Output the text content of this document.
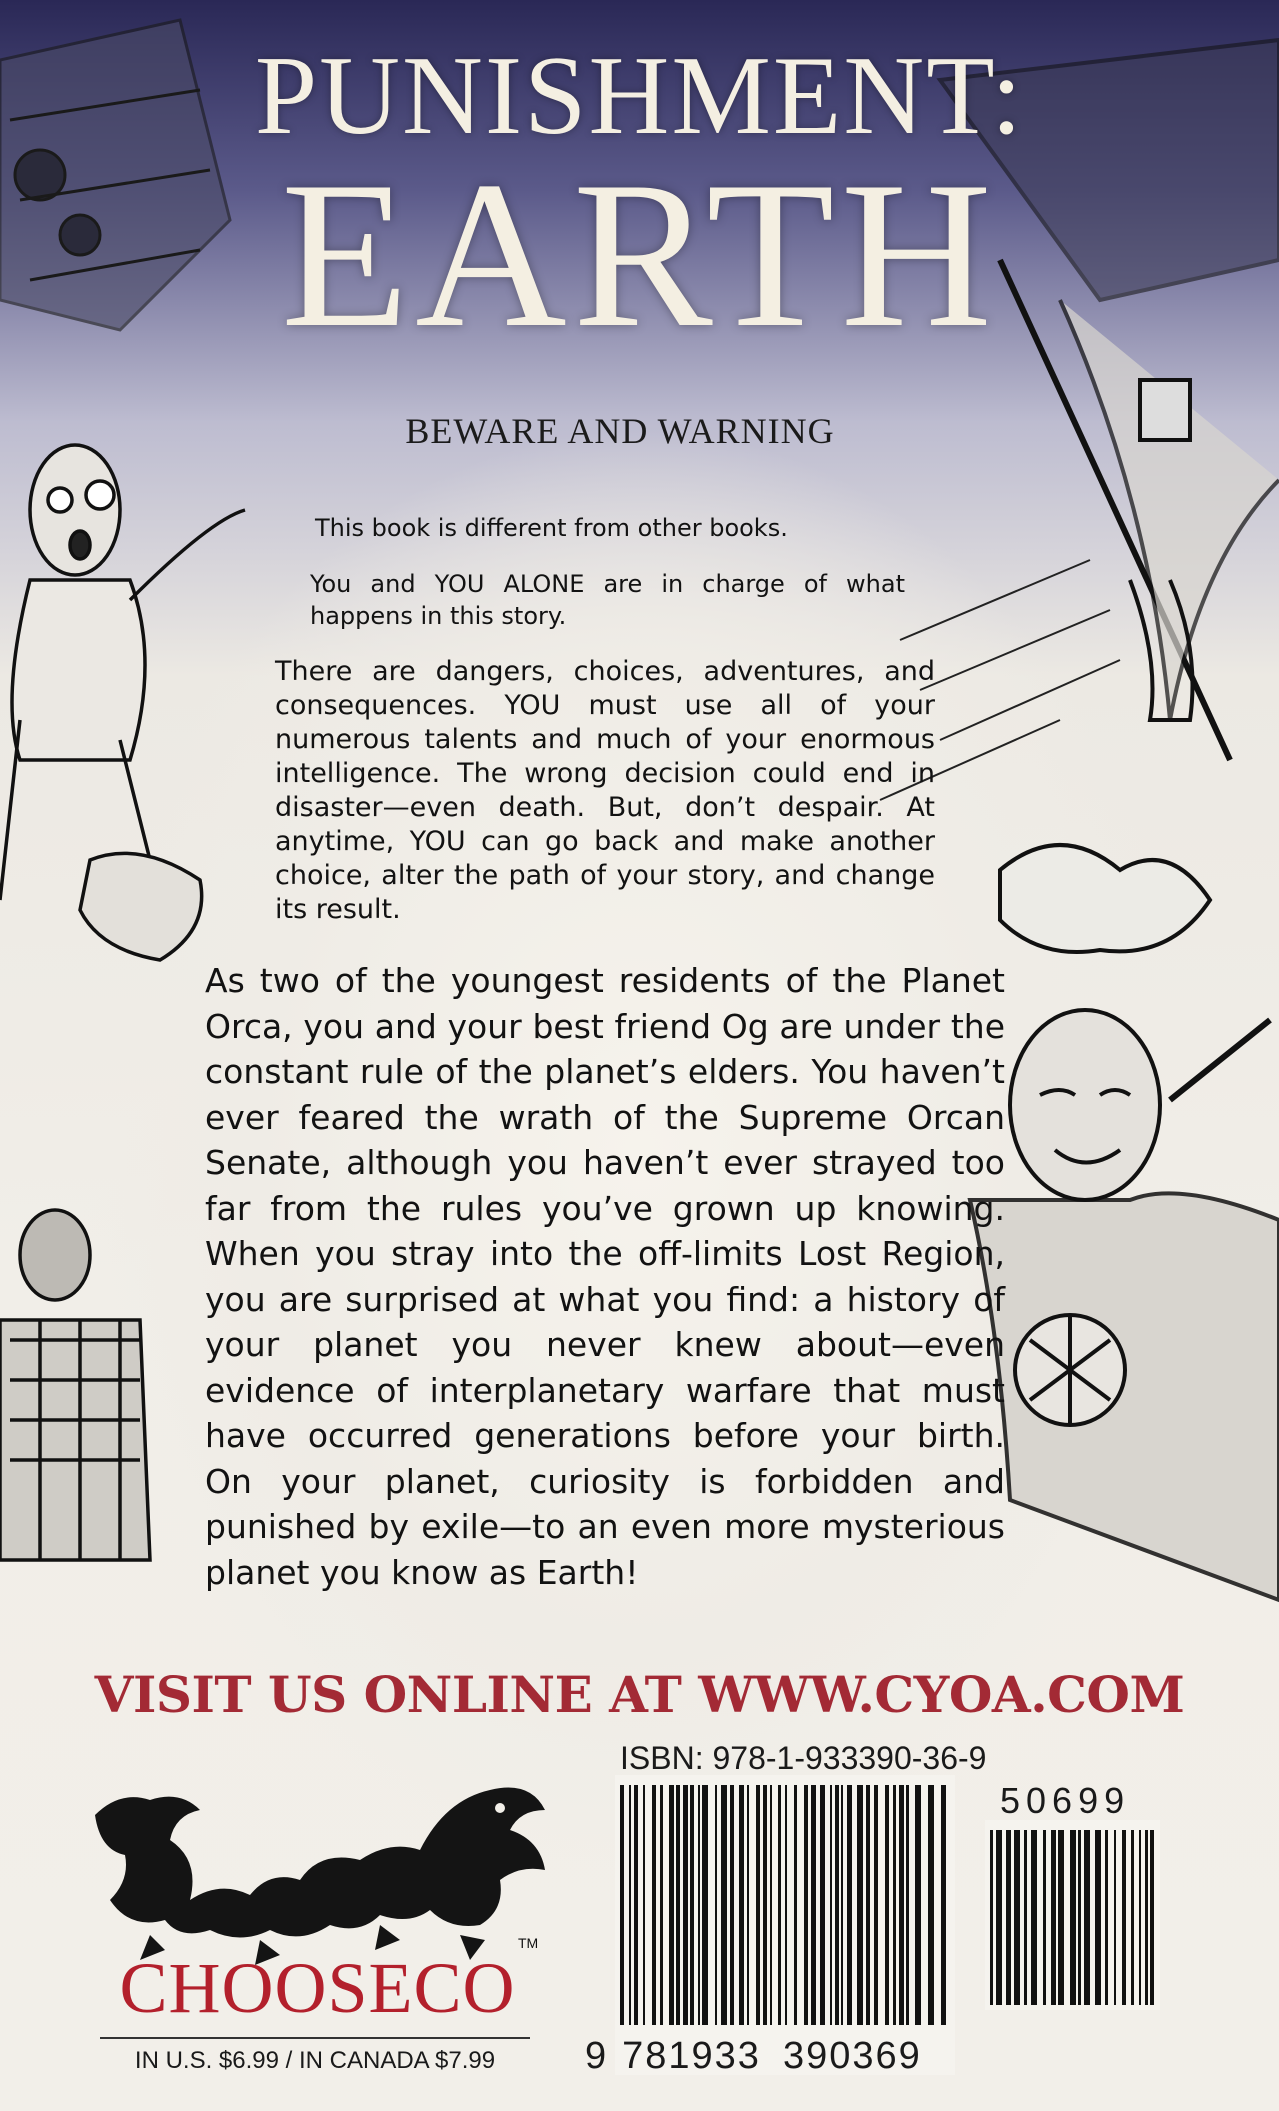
PUNISHMENT:
EARTH
BEWARE AND WARNING
This book is different from other books.
You and YOU ALONE are in charge of what happens in this story.
There are dangers, choices, adventures, and consequences. YOU must use all of your numerous talents and much of your enormous intelligence. The wrong decision could end in disaster—even death. But, don’t despair. At anytime, YOU can go back and make another choice, alter the path of your story, and change its result.
As two of the youngest residents of the Planet Orca, you and your best friend Og are under the constant rule of the planet’s elders. You haven’t ever feared the wrath of the Supreme Orcan Senate, although you haven’t ever strayed too far from the rules you’ve grown up knowing. When you stray into the off-limits Lost Region, you are surprised at what you find: a history of your planet you never knew about—even evidence of interplanetary warfare that must have occurred generations before your birth. On your planet, curiosity is forbidden and punished by exile—to an even more mysterious planet you know as Earth!
VISIT US ONLINE AT WWW.CYOA.COM
ISBN: 978-1-933390-36-9
50699
9 781933 390369
TM
CHOOSECO
IN U.S. $6.99 / IN CANADA $7.99
